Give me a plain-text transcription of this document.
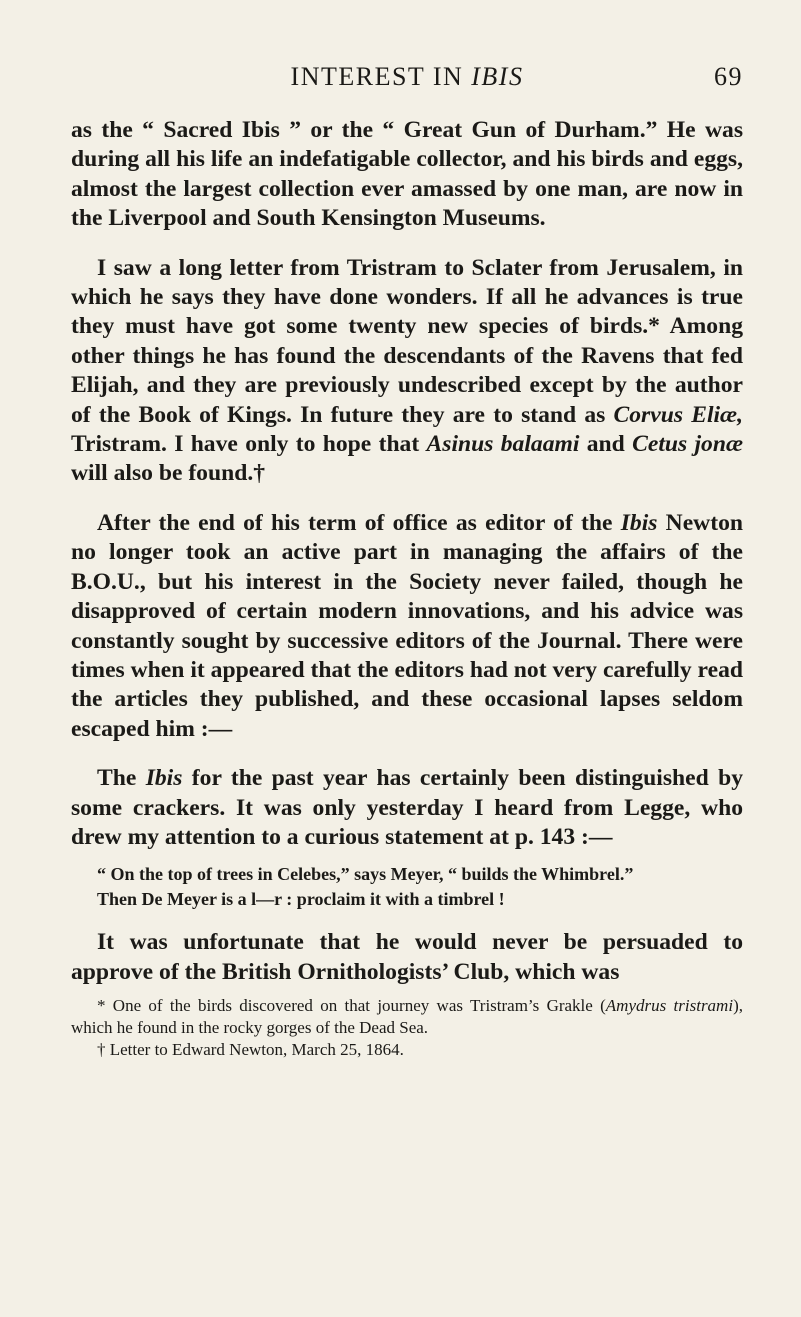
INTEREST IN IBIS	69

as the “ Sacred Ibis ” or the “ Great Gun of Durham.” He was during all his life an indefatigable collector, and his birds and eggs, almost the largest collection ever amassed by one man, are now in the Liverpool and South Kensington Museums.

I saw a long letter from Tristram to Sclater from Jerusalem, in which he says they have done wonders. If all he advances is true they must have got some twenty new species of birds.* Among other things he has found the descendants of the Ravens that fed Elijah, and they are previously undescribed except by the author of the Book of Kings. In future they are to stand as Corvus Eliæ, Tristram. I have only to hope that Asinus balaami and Cetus jonæ will also be found.†

After the end of his term of office as editor of the Ibis Newton no longer took an active part in managing the affairs of the B.O.U., but his interest in the Society never failed, though he disapproved of certain modern innovations, and his advice was constantly sought by successive editors of the Journal. There were times when it appeared that the editors had not very carefully read the articles they published, and these occasional lapses seldom escaped him :—

The Ibis for the past year has certainly been distinguished by some crackers. It was only yesterday I heard from Legge, who drew my attention to a curious statement at p. 143 :—

“ On the top of trees in Celebes,” says Meyer, “ builds the Whimbrel.”
Then De Meyer is a l—r : proclaim it with a timbrel !

It was unfortunate that he would never be persuaded to approve of the British Ornithologists’ Club, which was

* One of the birds discovered on that journey was Tristram’s Grakle (Amydrus tristrami), which he found in the rocky gorges of the Dead Sea.

† Letter to Edward Newton, March 25, 1864.
